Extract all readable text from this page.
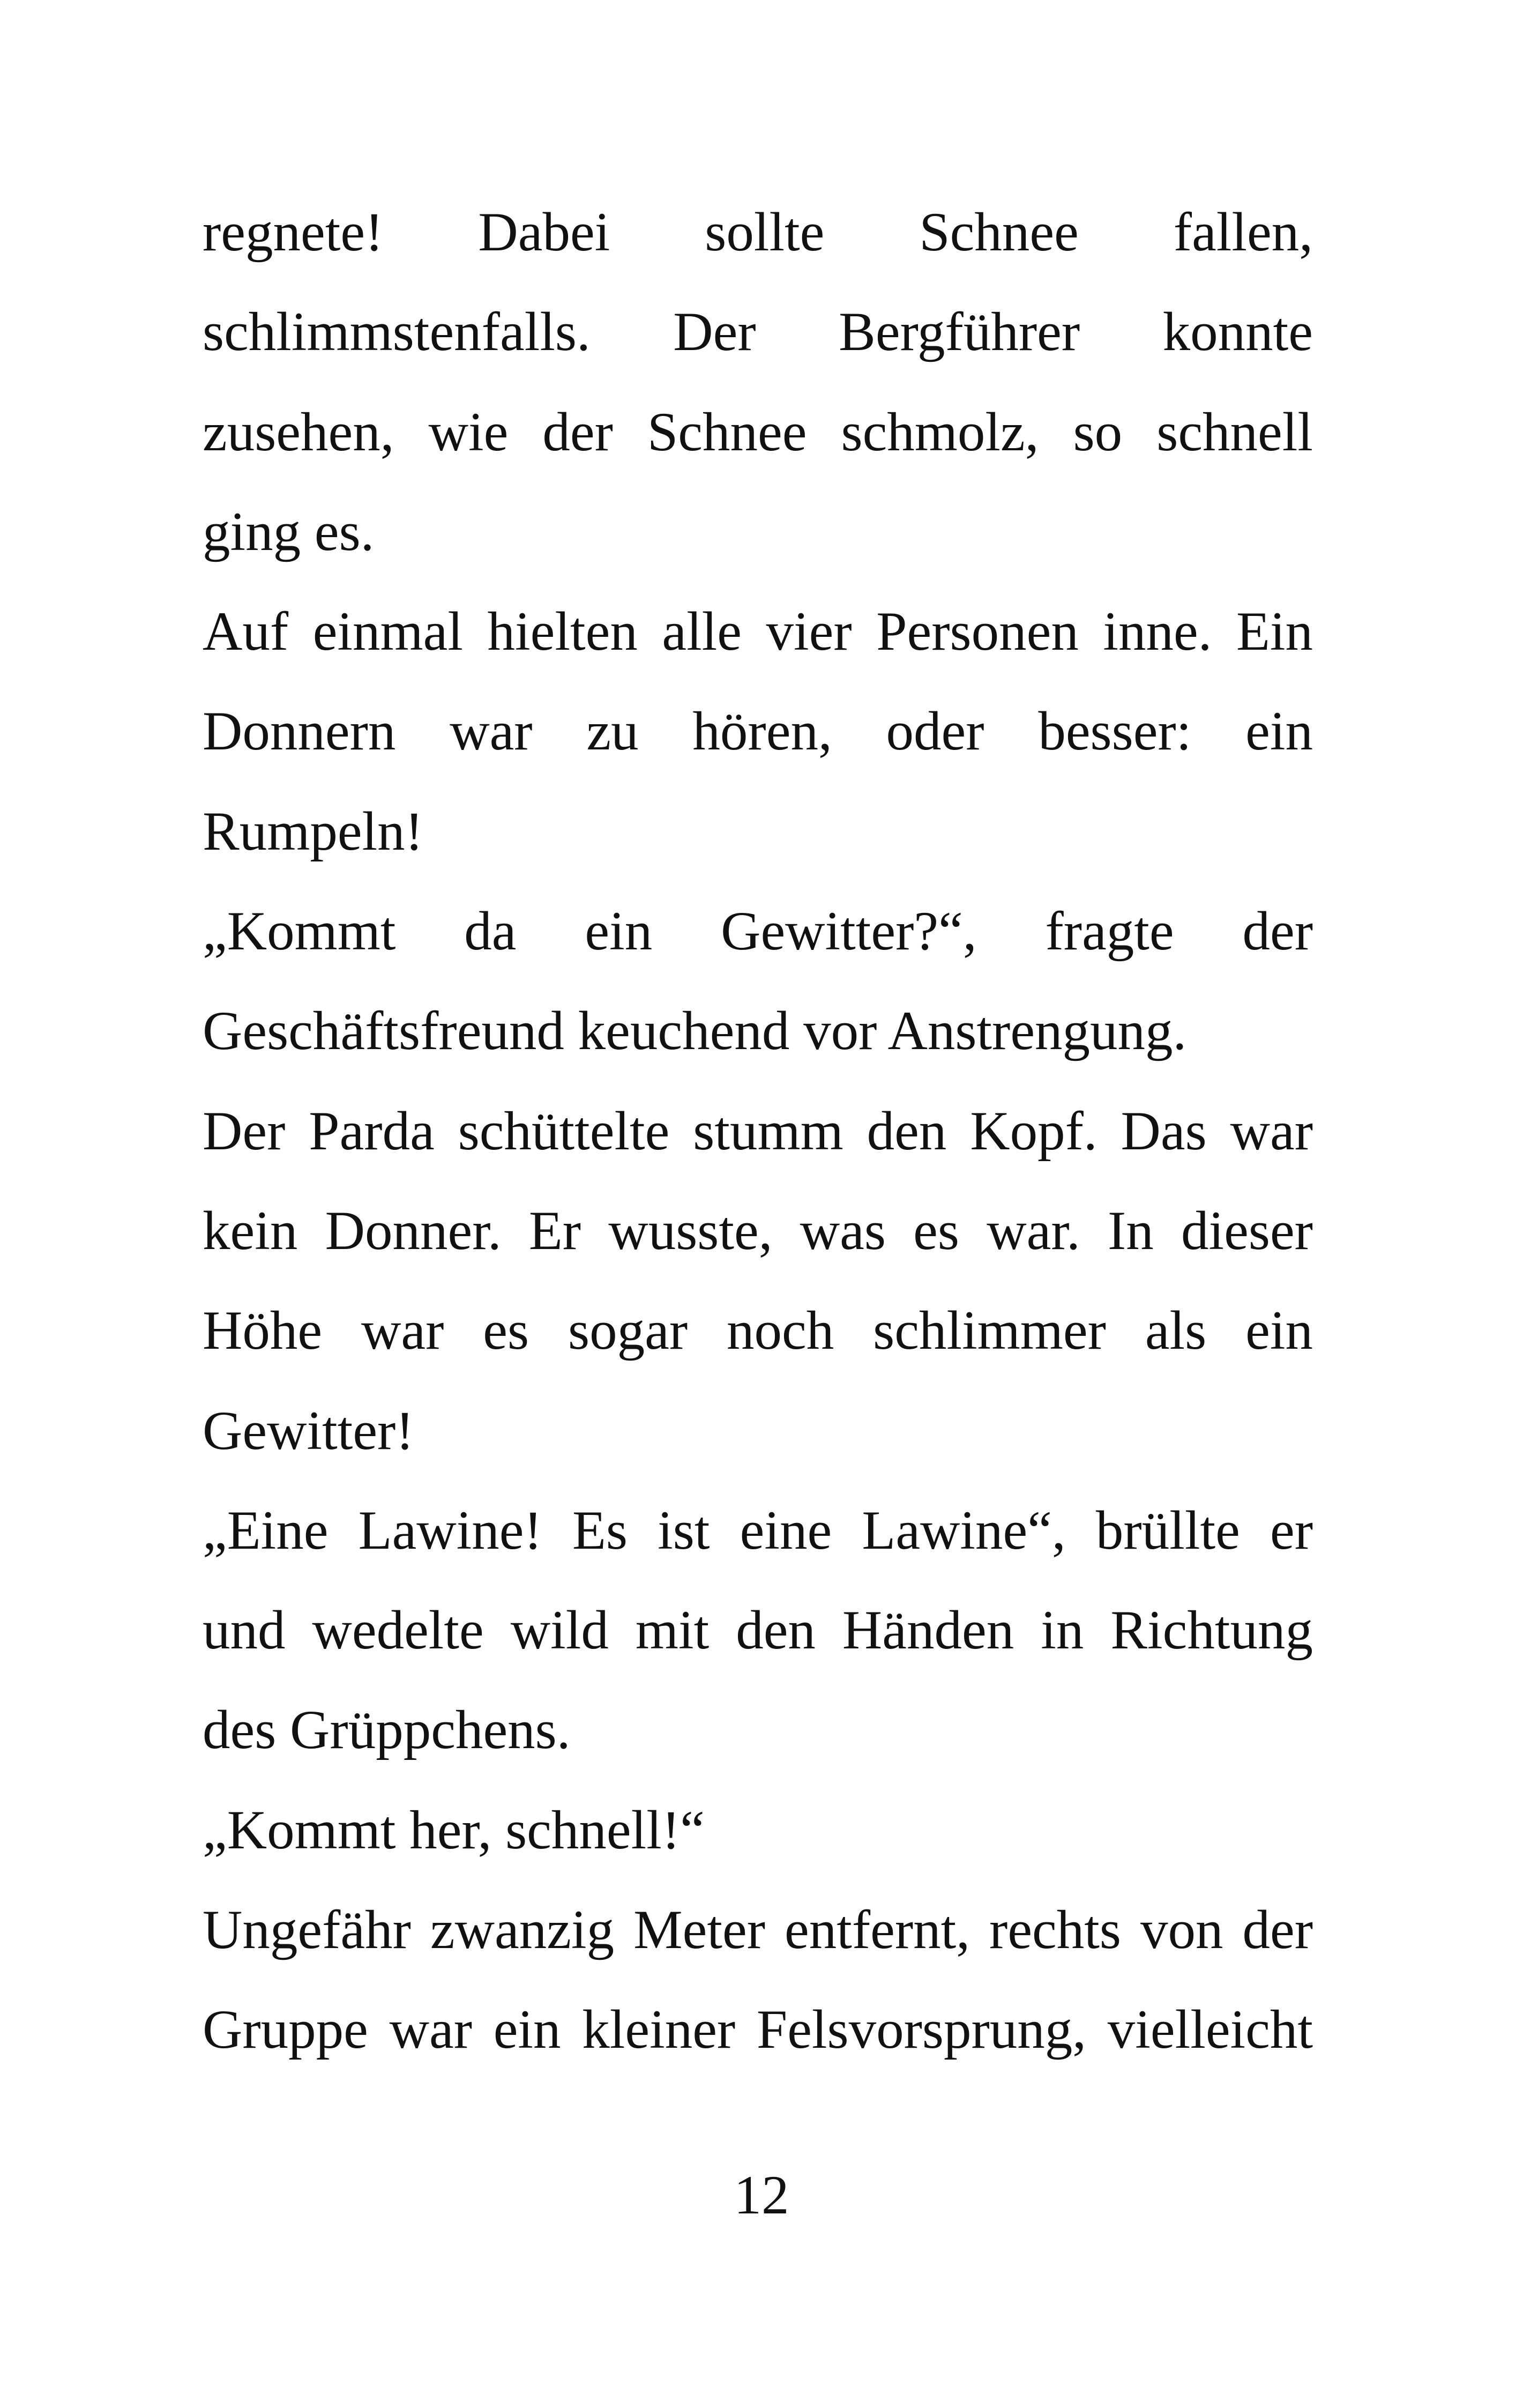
regnete! Dabei sollte Schnee fallen,
schlimmstenfalls. Der Bergführer konnte
zusehen, wie der Schnee schmolz, so schnell
ging es.
Auf einmal hielten alle vier Personen inne. Ein
Donnern war zu hören, oder besser: ein
Rumpeln!
„Kommt da ein Gewitter?“, fragte der
Geschäftsfreund keuchend vor Anstrengung.
Der Parda schüttelte stumm den Kopf. Das war
kein Donner. Er wusste, was es war. In dieser
Höhe war es sogar noch schlimmer als ein
Gewitter!
„Eine Lawine! Es ist eine Lawine“, brüllte er
und wedelte wild mit den Händen in Richtung
des Grüppchens.
„Kommt her, schnell!“
Ungefähr zwanzig Meter entfernt, rechts von der
Gruppe war ein kleiner Felsvorsprung, vielleicht
12
